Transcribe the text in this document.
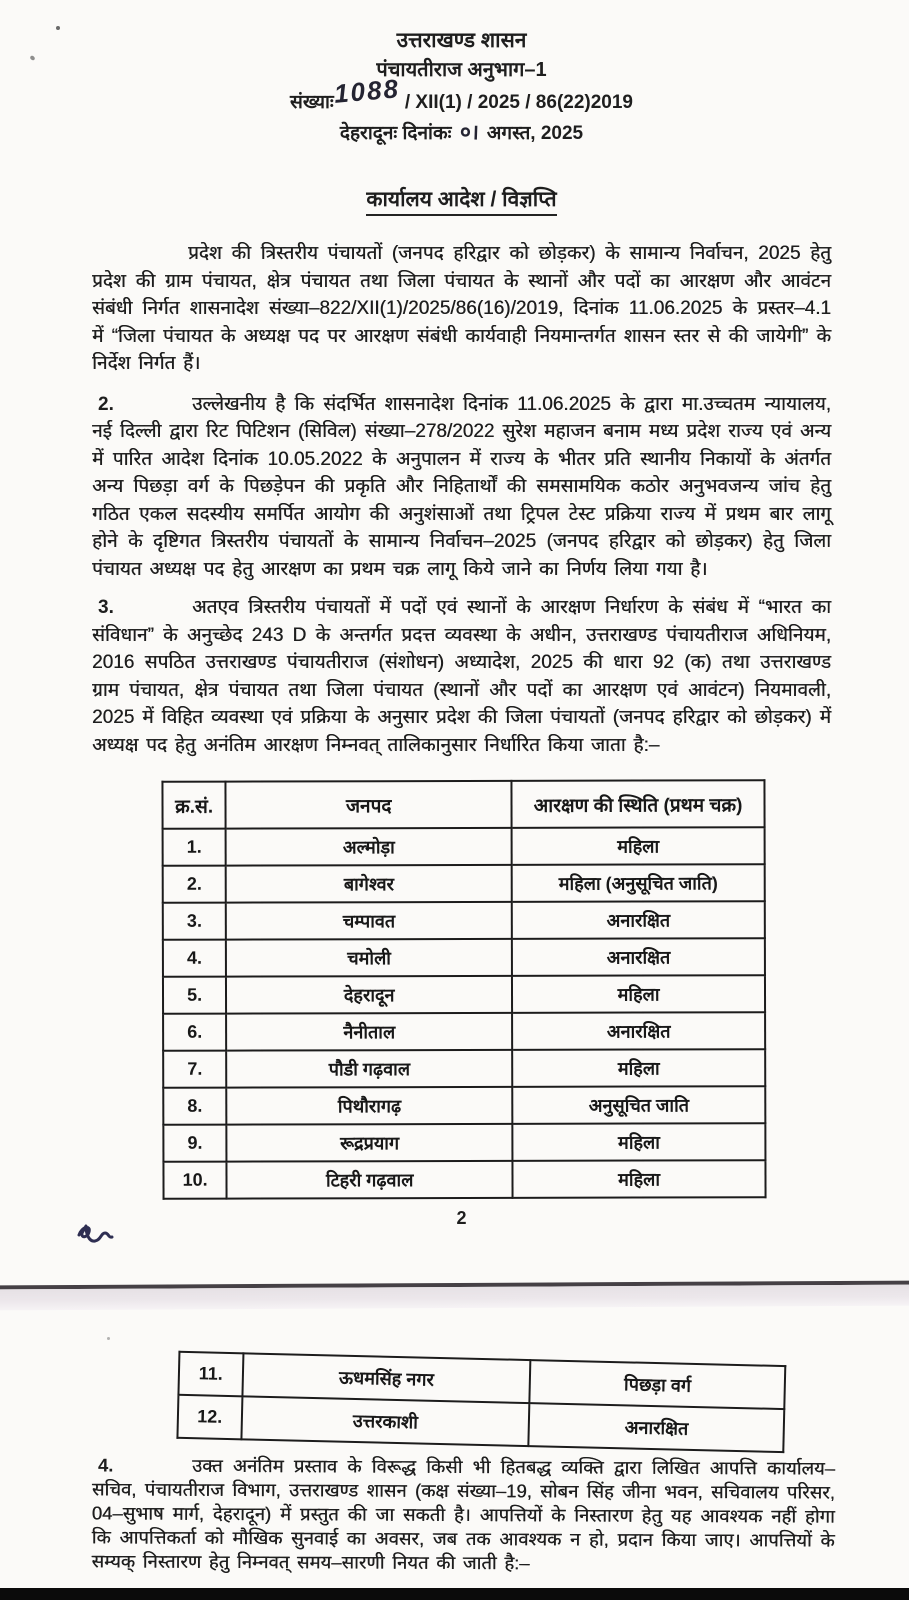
उत्तराखण्ड शासन
पंचायतीराज अनुभाग–1
संख्याः1088 / XII(1) / 2025 / 86(22)2019
देहरादूनः दिनांकः ०। अगस्त, 2025
कार्यालय आदेश / विज्ञप्ति
प्रदेश की त्रिस्तरीय पंचायतों (जनपद हरिद्वार को छोड़कर) के सामान्य निर्वाचन, 2025 हेतु प्रदेश की ग्राम पंचायत, क्षेत्र पंचायत तथा जिला पंचायत के स्थानों और पदों का आरक्षण और आवंटन संबंधी निर्गत शासनादेश संख्या–822/XII(1)/2025/86(16)/2019, दिनांक 11.06.2025 के प्रस्तर–4.1 में “जिला पंचायत के अध्यक्ष पद पर आरक्षण संबंधी कार्यवाही नियमान्तर्गत शासन स्तर से की जायेगी” के निर्देश निर्गत हैं।
2.	उल्लेखनीय है कि संदर्भित शासनादेश दिनांक 11.06.2025 के द्वारा मा.उच्चतम न्यायालय, नई दिल्ली द्वारा रिट पिटिशन (सिविल) संख्या–278/2022 सुरेश महाजन बनाम मध्य प्रदेश राज्य एवं अन्य में पारित आदेश दिनांक 10.05.2022 के अनुपालन में राज्य के भीतर प्रति स्थानीय निकायों के अंतर्गत अन्य पिछड़ा वर्ग के पिछड़ेपन की प्रकृति और निहितार्थों की समसामयिक कठोर अनुभवजन्य जांच हेतु गठित एकल सदस्यीय समर्पित आयोग की अनुशंसाओं तथा ट्रिपल टेस्ट प्रक्रिया राज्य में प्रथम बार लागू होने के दृष्टिगत त्रिस्तरीय पंचायतों के सामान्य निर्वाचन–2025 (जनपद हरिद्वार को छोड़कर) हेतु जिला पंचायत अध्यक्ष पद हेतु आरक्षण का प्रथम चक्र लागू किये जाने का निर्णय लिया गया है।
3.	अतएव त्रिस्तरीय पंचायतों में पदों एवं स्थानों के आरक्षण निर्धारण के संबंध में “भारत का संविधान” के अनुच्छेद 243 D के अन्तर्गत प्रदत्त व्यवस्था के अधीन, उत्तराखण्ड पंचायतीराज अधिनियम, 2016 सपठित उत्तराखण्ड पंचायतीराज (संशोधन) अध्यादेश, 2025 की धारा 92 (क) तथा उत्तराखण्ड ग्राम पंचायत, क्षेत्र पंचायत तथा जिला पंचायत (स्थानों और पदों का आरक्षण एवं आवंटन) नियमावली, 2025 में विहित व्यवस्था एवं प्रक्रिया के अनुसार प्रदेश की जिला पंचायतों (जनपद हरिद्वार को छोड़कर) में अध्यक्ष पद हेतु अनंतिम आरक्षण निम्नवत् तालिकानुसार निर्धारित किया जाता है:–
क्र.सं.	जनपद	आरक्षण की स्थिति (प्रथम चक्र)
1.	अल्मोड़ा	महिला
2.	बागेश्वर	महिला (अनुसूचित जाति)
3.	चम्पावत	अनारक्षित
4.	चमोली	अनारक्षित
5.	देहरादून	महिला
6.	नैनीताल	अनारक्षित
7.	पौडी गढ़वाल	महिला
8.	पिथौरागढ़	अनुसूचित जाति
9.	रूद्रप्रयाग	महिला
10.	टिहरी गढ़वाल	महिला
2
11.	ऊधमसिंह नगर	पिछड़ा वर्ग
12.	उत्तरकाशी	अनारक्षित
4.	उक्त अनंतिम प्रस्ताव के विरूद्ध किसी भी हितबद्ध व्यक्ति द्वारा लिखित आपत्ति कार्यालय–सचिव, पंचायतीराज विभाग, उत्तराखण्ड शासन (कक्ष संख्या–19, सोबन सिंह जीना भवन, सचिवालय परिसर, 04–सुभाष मार्ग, देहरादून) में प्रस्तुत की जा सकती है। आपत्तियों के निस्तारण हेतु यह आवश्यक नहीं होगा कि आपत्तिकर्ता को मौखिक सुनवाई का अवसर, जब तक आवश्यक न हो, प्रदान किया जाए। आपत्तियों के सम्यक् निस्तारण हेतु निम्नवत् समय–सारणी नियत की जाती है:–
